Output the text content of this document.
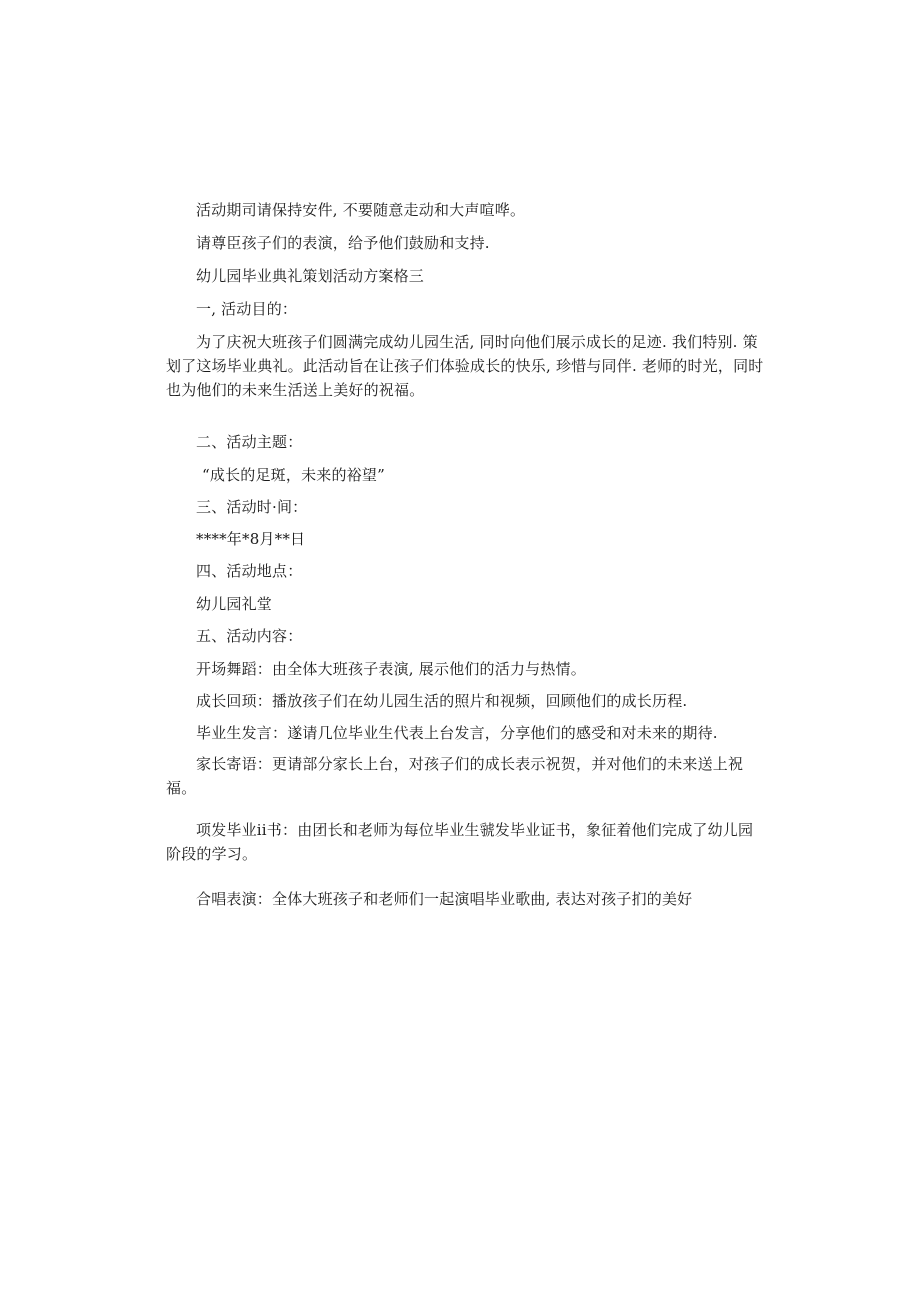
活动期司请保持安件, 不要随意走动和大声喧哗。
请尊臣孩子们的表演，给予他们鼓励和支持.
幼儿园毕业典礼策划活动方案格三
一, 活动目的：
为了庆祝大班孩子们圆满完成幼儿园生活, 同时向他们展示成长的足迹. 我们特别. 策划了这场毕业典礼。此活动旨在让孩子们体验成长的快乐, 珍惜与同伴. 老师的时光，同时也为他们的未来生活送上美好的祝福。
二、活动主题：
“成长的足斑，未来的裕望”
三、活动时·间：
****年*8月**日
四、活动地点：
幼儿园礼堂
五、活动内容：
开场舞蹈：由全体大班孩子表演, 展示他们的活力与热情。
成长回顼：播放孩子们在幼儿园生活的照片和视频，回顾他们的成长历程.
毕业生发言：遂请几位毕业生代表上台发言，分享他们的感受和对未来的期待.
家长寄语：更请部分家长上台，对孩子们的成长表示祝贺，并对他们的未来送上祝福。
项发毕业ii书：由团长和老师为每位毕业生虢发毕业证书，象征着他们完成了幼儿园阶段的学习。
合唱表演：全体大班孩子和老师们一起演唱毕业歌曲, 表达对孩子扪的美好
